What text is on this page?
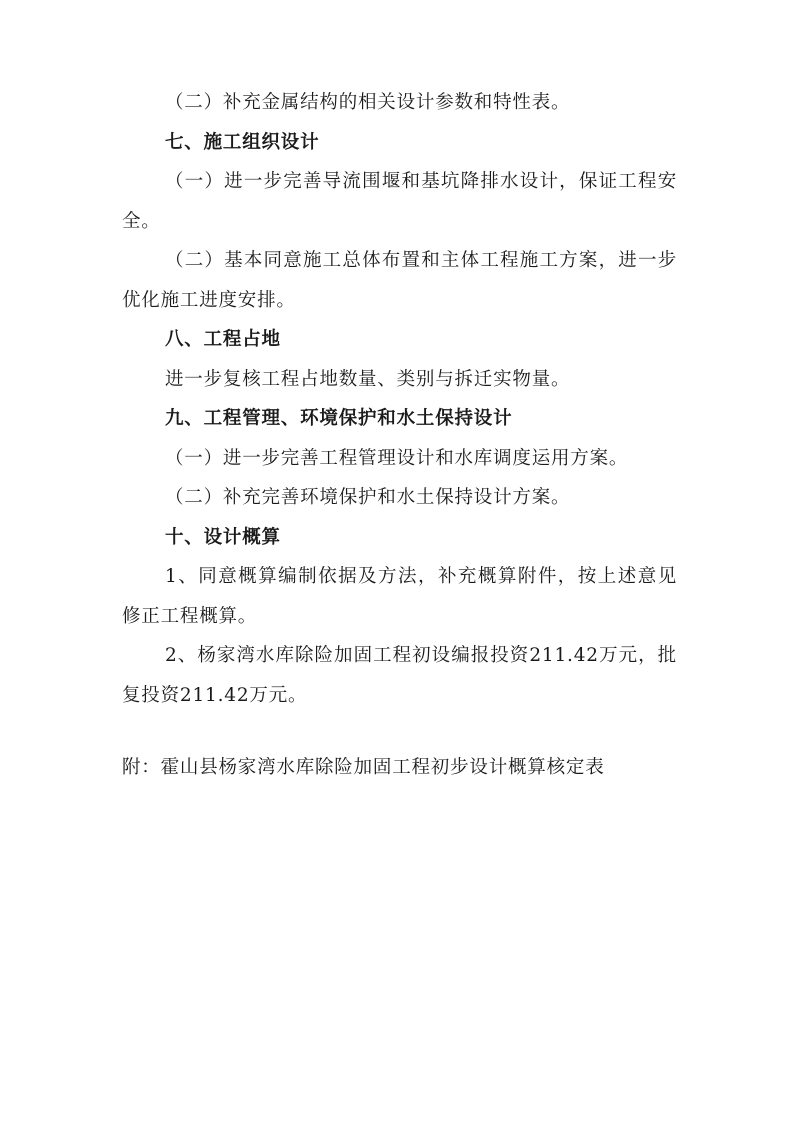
（二）补充金属结构的相关设计参数和特性表。

七、施工组织设计

（一）进一步完善导流围堰和基坑降排水设计，保证工程安全。

（二）基本同意施工总体布置和主体工程施工方案，进一步优化施工进度安排。

八、工程占地

进一步复核工程占地数量、类别与拆迁实物量。

九、工程管理、环境保护和水土保持设计

（一）进一步完善工程管理设计和水库调度运用方案。

（二）补充完善环境保护和水土保持设计方案。

十、设计概算

1、同意概算编制依据及方法，补充概算附件，按上述意见修正工程概算。

2、杨家湾水库除险加固工程初设编报投资211.42万元，批复投资211.42万元。

附：霍山县杨家湾水库除险加固工程初步设计概算核定表
